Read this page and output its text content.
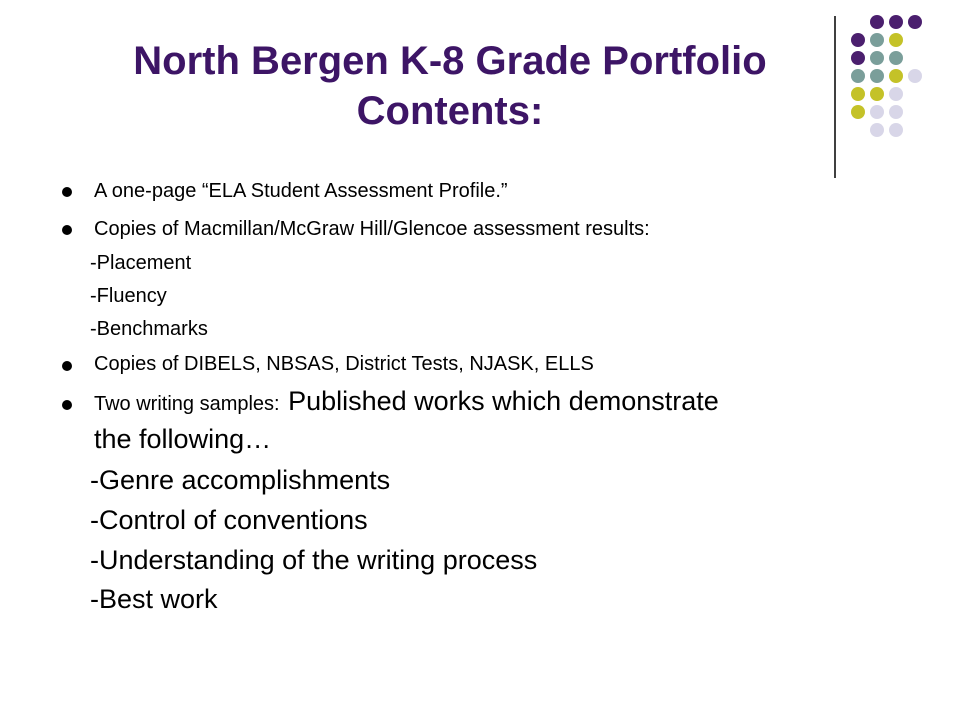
North Bergen K-8 Grade Portfolio
Contents:
A one-page “ELA Student Assessment Profile.”
Copies of Macmillan/McGraw Hill/Glencoe assessment results:
-Placement
-Fluency
-Benchmarks
Copies of DIBELS, NBSAS, District Tests, NJASK, ELLS
Two writing samples: Published works which demonstrate
the following…
-Genre accomplishments
-Control of conventions
-Understanding of the writing process
-Best work
